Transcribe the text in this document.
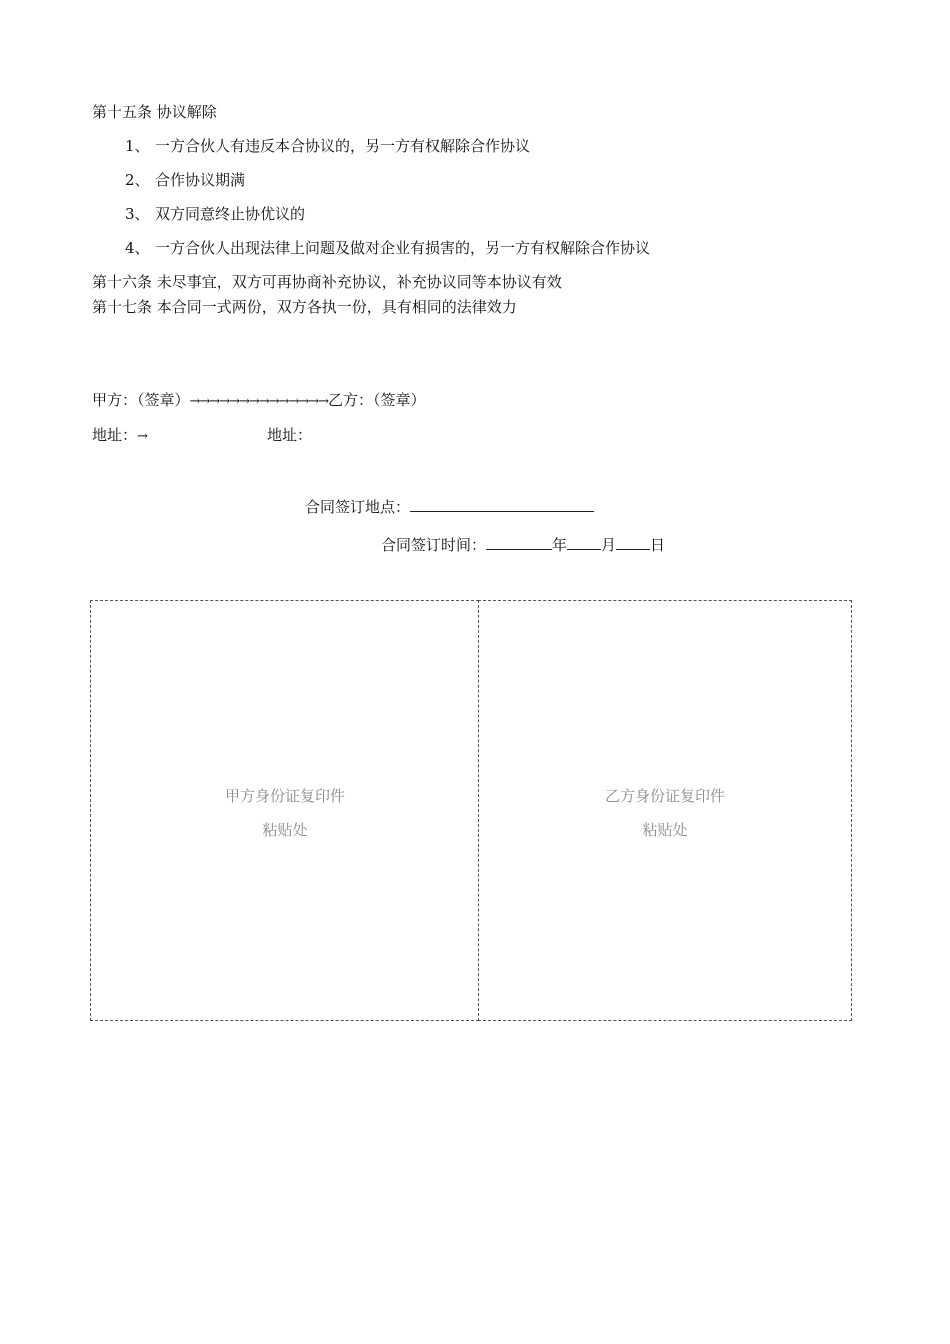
第十五条 协议解除
1、 一方合伙人有违反本合协议的，另一方有权解除合作协议
2、 合作协议期满
3、 双方同意终止协优议的
4、 一方合伙人出现法律上问题及做对企业有损害的，另一方有权解除合作协议
第十六条 未尽事宜，双方可再协商补充协议，补充协议同等本协议有效
第十七条 本合同一式两份，双方各执一份，具有相同的法律效力
甲方：（签章）→→→→→→→→→→→→→→乙方：（签章）
地址：→	地址：
合同签订地点：
合同签订时间：	年 月 日
甲方身份证复印件
粘贴处
乙方身份证复印件
粘贴处
